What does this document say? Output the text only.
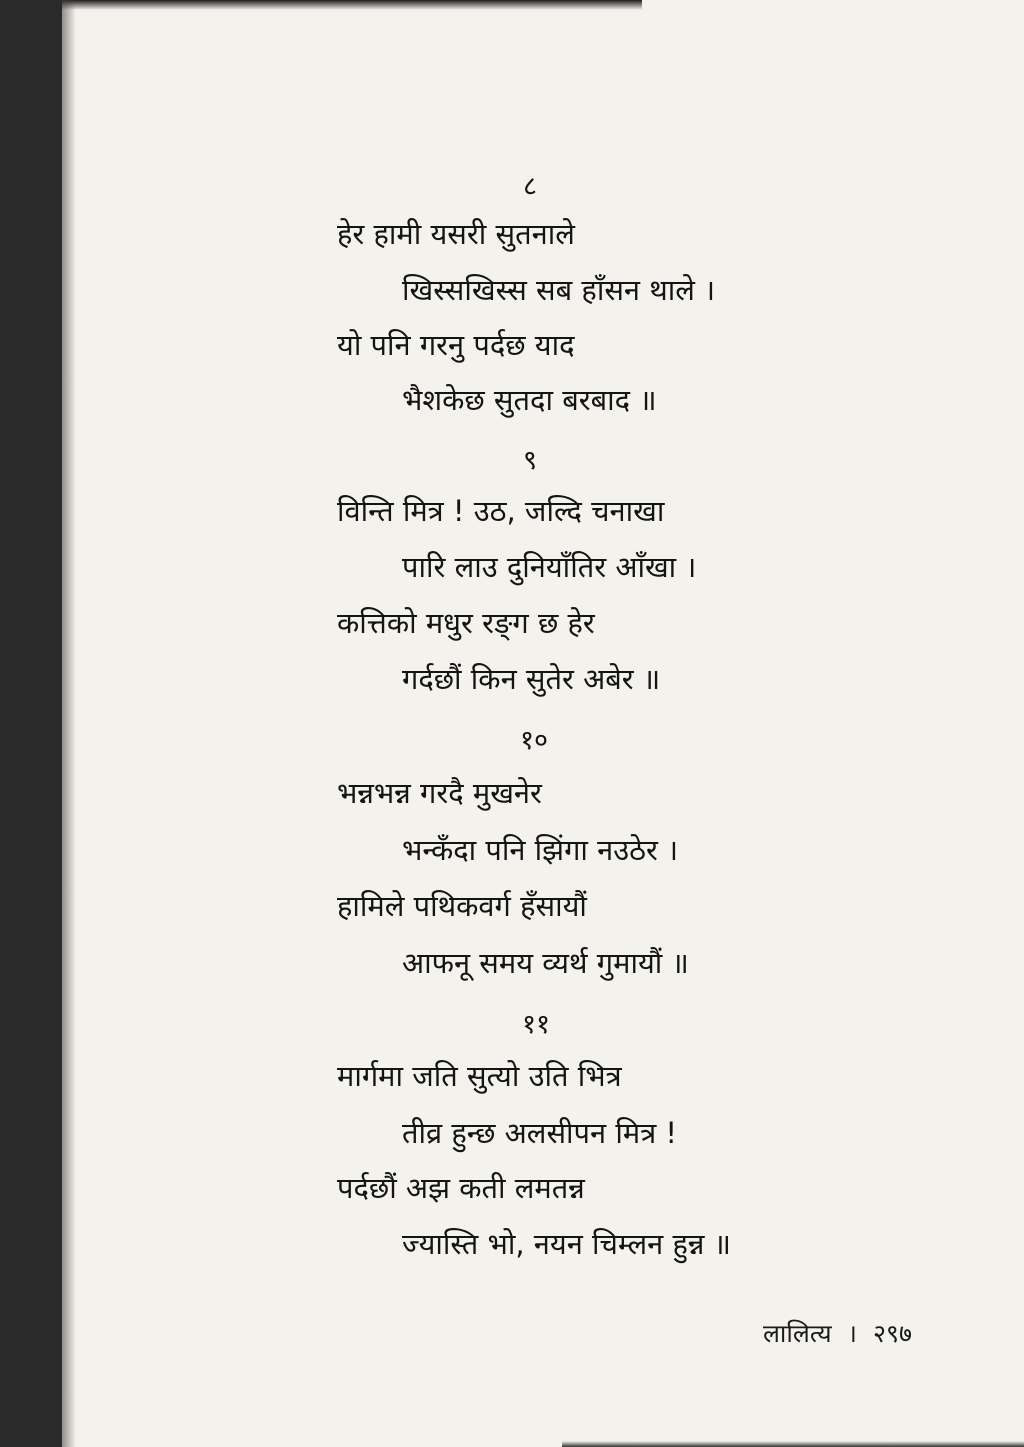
८
हेर हामी यसरी सुतनाले
खिस्सखिस्स सब हाँसन थाले ।
यो पनि गरनु पर्दछ याद
भैशकेछ सुतदा बरबाद ॥
९
विन्ति मित्र ! उठ, जल्दि चनाखा
पारि लाउ दुनियाँतिर आँखा ।
कत्तिको मधुर रङ्‌ग छ हेर
गर्दछौं किन सुतेर अबेर ॥
१०
भन्नभन्न गरदै मुखनेर
भन्कँदा पनि झिंगा नउठेर ।
हामिले पथिकवर्ग हँसायौं
आफनू समय व्यर्थ गुमायौं ॥
११
मार्गमा जति सुत्यो उति भित्र
तीव्र हुन्छ अलसीपन मित्र !
पर्दछौं अझ कती लमतन्न
ज्यास्ति भो, नयन चिम्लन हुन्न ॥
लालित्य । २९७
